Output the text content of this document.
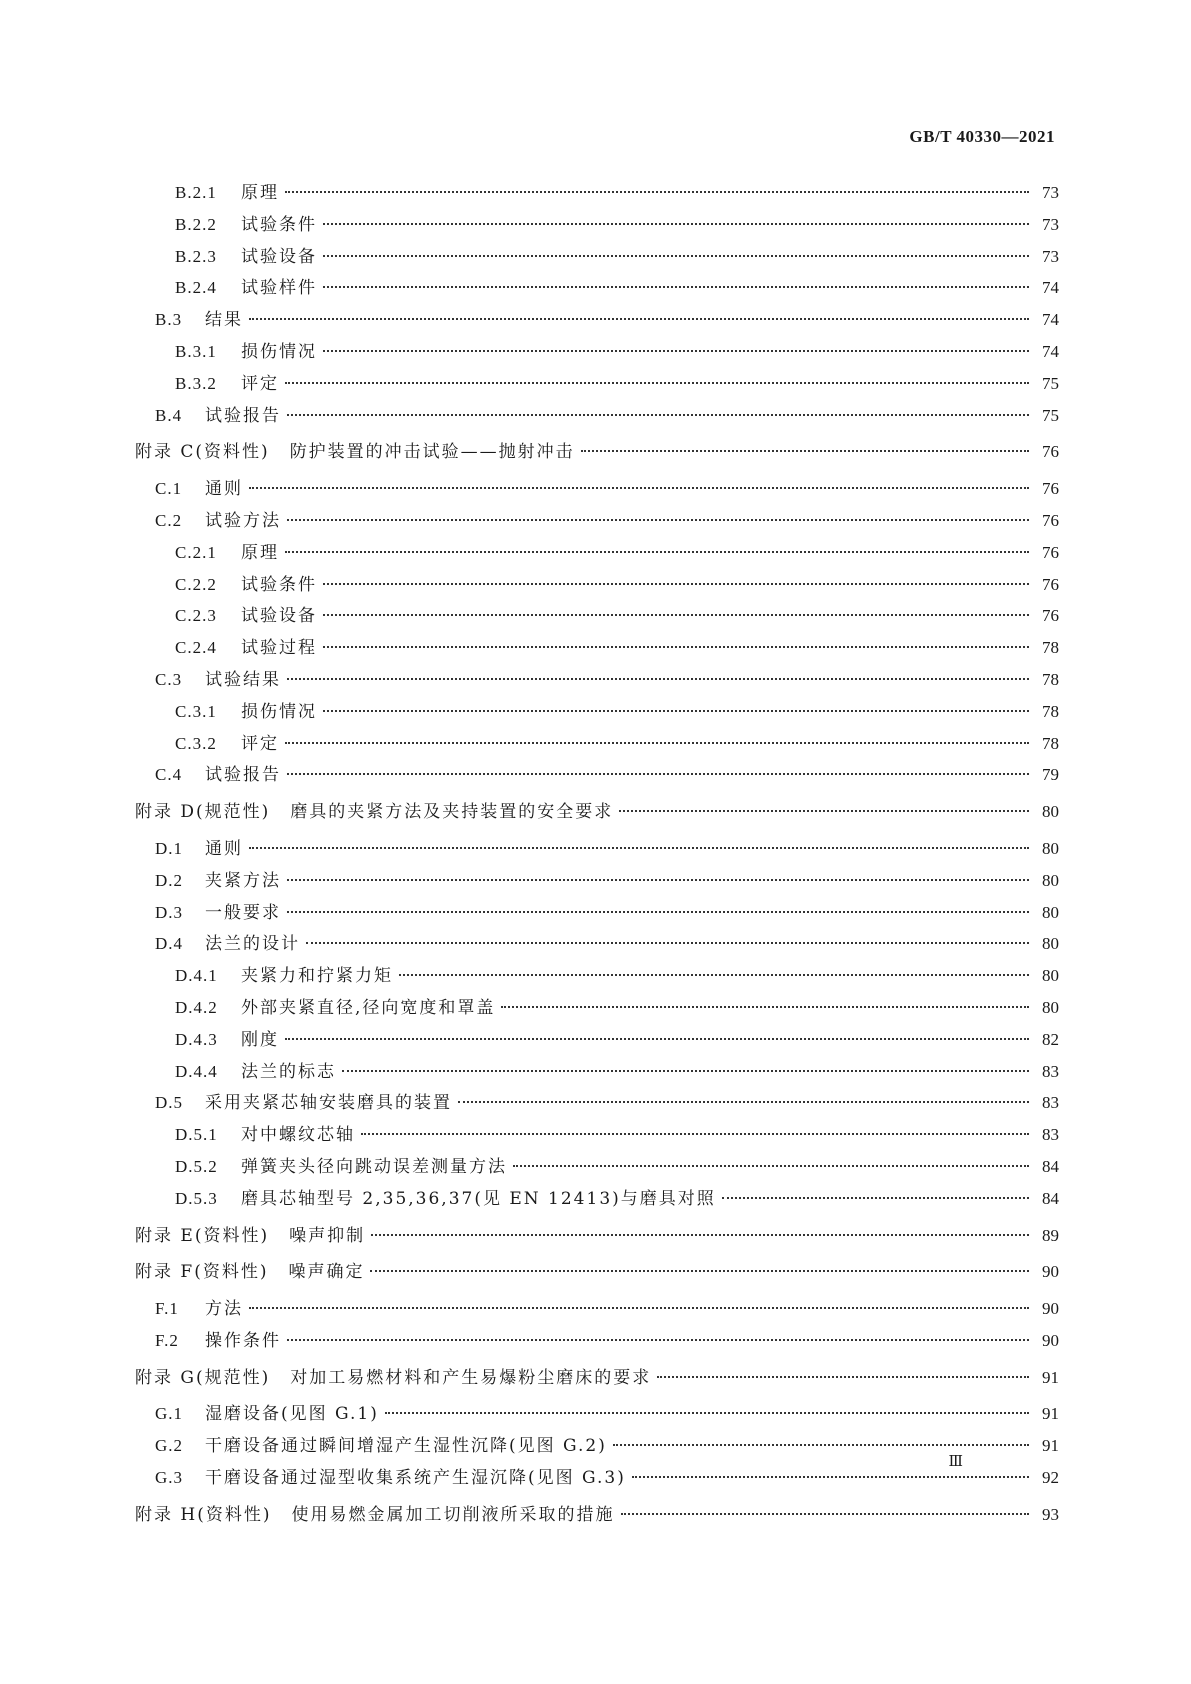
GB/T 40330—2021
B.2.1	原理	73
B.2.2	试验条件	73
B.2.3	试验设备	73
B.2.4	试验样件	74
B.3	结果	74
B.3.1	损伤情况	74
B.3.2	评定	75
B.4	试验报告	75
附录 C (资料性) 防护装置的冲击试验——抛射冲击	76
C.1	通则	76
C.2	试验方法	76
C.2.1	原理	76
C.2.2	试验条件	76
C.2.3	试验设备	76
C.2.4	试验过程	78
C.3	试验结果	78
C.3.1	损伤情况	78
C.3.2	评定	78
C.4	试验报告	79
附录 D (规范性) 磨具的夹紧方法及夹持装置的安全要求	80
D.1	通则	80
D.2	夹紧方法	80
D.3	一般要求	80
D.4	法兰的设计	80
D.4.1	夹紧力和拧紧力矩	80
D.4.2	外部夹紧直径,径向宽度和罩盖	80
D.4.3	刚度	82
D.4.4	法兰的标志	83
D.5	采用夹紧芯轴安装磨具的装置	83
D.5.1	对中螺纹芯轴	83
D.5.2	弹簧夹头径向跳动误差测量方法	84
D.5.3	磨具芯轴型号 2,35,36,37(见 EN 12413)与磨具对照	84
附录 E (资料性) 噪声抑制	89
附录 F (资料性) 噪声确定	90
F.1	方法	90
F.2	操作条件	90
附录 G (规范性) 对加工易燃材料和产生易爆粉尘磨床的要求	91
G.1	湿磨设备(见图 G.1)	91
G.2	干磨设备通过瞬间增湿产生湿性沉降(见图 G.2)	91
G.3	干磨设备通过湿型收集系统产生湿沉降(见图 G.3)	92
附录 H (资料性) 使用易燃金属加工切削液所采取的措施	93
Ⅲ
